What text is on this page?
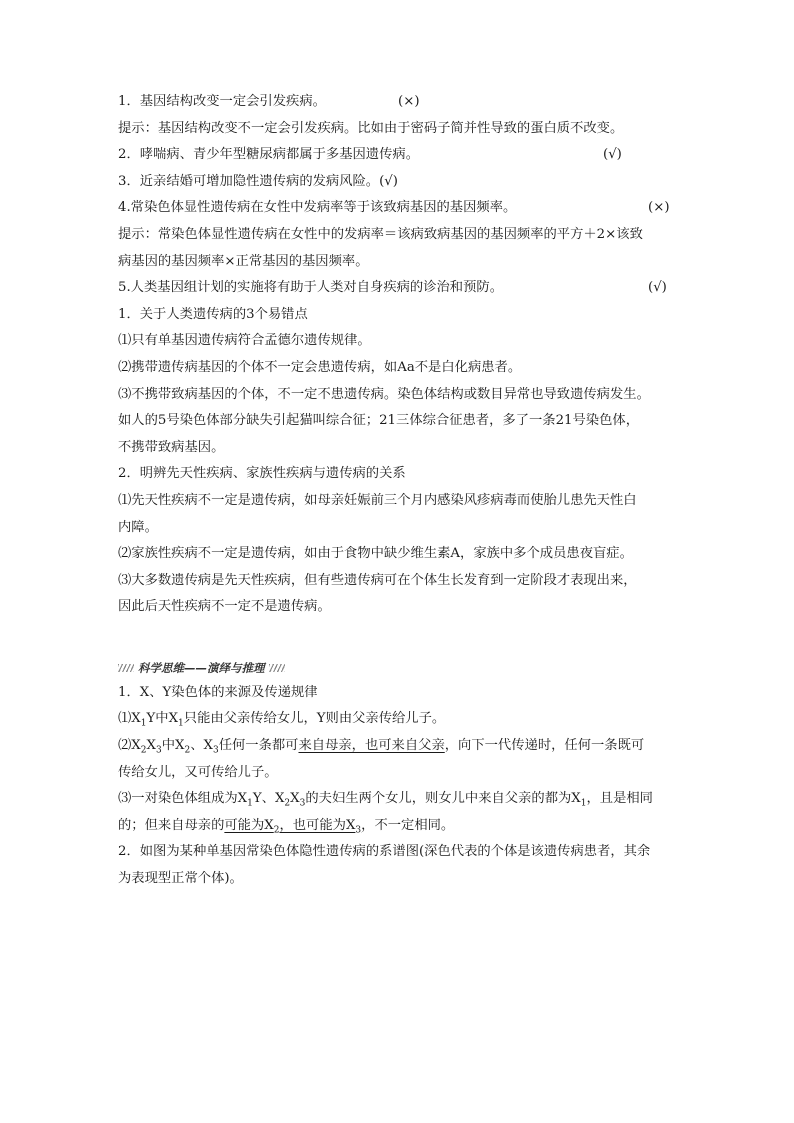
1．基因结构改变一定会引发疾病。	(×)
提示：基因结构改变不一定会引发疾病。比如由于密码子简并性导致的蛋白质不改变。
2．哮喘病、青少年型糖尿病都属于多基因遗传病。	(√)
3．近亲结婚可增加隐性遗传病的发病风险。(√)
4.常染色体显性遗传病在女性中发病率等于该致病基因的基因频率。	(×)
提示：常染色体显性遗传病在女性中的发病率＝该病致病基因的基因频率的平方＋2×该致
病基因的基因频率×正常基因的基因频率。
5.人类基因组计划的实施将有助于人类对自身疾病的诊治和预防。	(√)
1．关于人类遗传病的3个易错点
⑴只有单基因遗传病符合孟德尔遗传规律。
⑵携带遗传病基因的个体不一定会患遗传病，如Aa不是白化病患者。
⑶不携带致病基因的个体，不一定不患遗传病。染色体结构或数目异常也导致遗传病发生。
如人的5号染色体部分缺失引起猫叫综合征；21三体综合征患者，多了一条21号染色体，
不携带致病基因。
2．明辨先天性疾病、家族性疾病与遗传病的关系
⑴先天性疾病不一定是遗传病，如母亲妊娠前三个月内感染风疹病毒而使胎儿患先天性白
内障。
⑵家族性疾病不一定是遗传病，如由于食物中缺少维生素A，家族中多个成员患夜盲症。
⑶大多数遗传病是先天性疾病，但有些遗传病可在个体生长发育到一定阶段才表现出来，
因此后天性疾病不一定不是遗传病。
科学思维——演绎与推理
1．X、Y染色体的来源及传递规律
$⑴X_1Y$中$X_1$只能由父亲传给女儿，Y则由父亲传给儿子。
$⑵X_2X_3$中$X_2$、$X_3$任何一条都可来自母亲，也可来自父亲，向下一代传递时，任何一条既可
传给女儿，又可传给儿子。
⑶一对染色体组成为$X_1Y$、$X_2X_3$的夫妇生两个女儿，则女儿中来自父亲的都为$X_1$，且是相同
的；但来自母亲的可能为$X_2$，也可能为$X_3$，不一定相同。
2．如图为某种单基因常染色体隐性遗传病的系谱图(深色代表的个体是该遗传病患者，其余
为表现型正常个体)。
